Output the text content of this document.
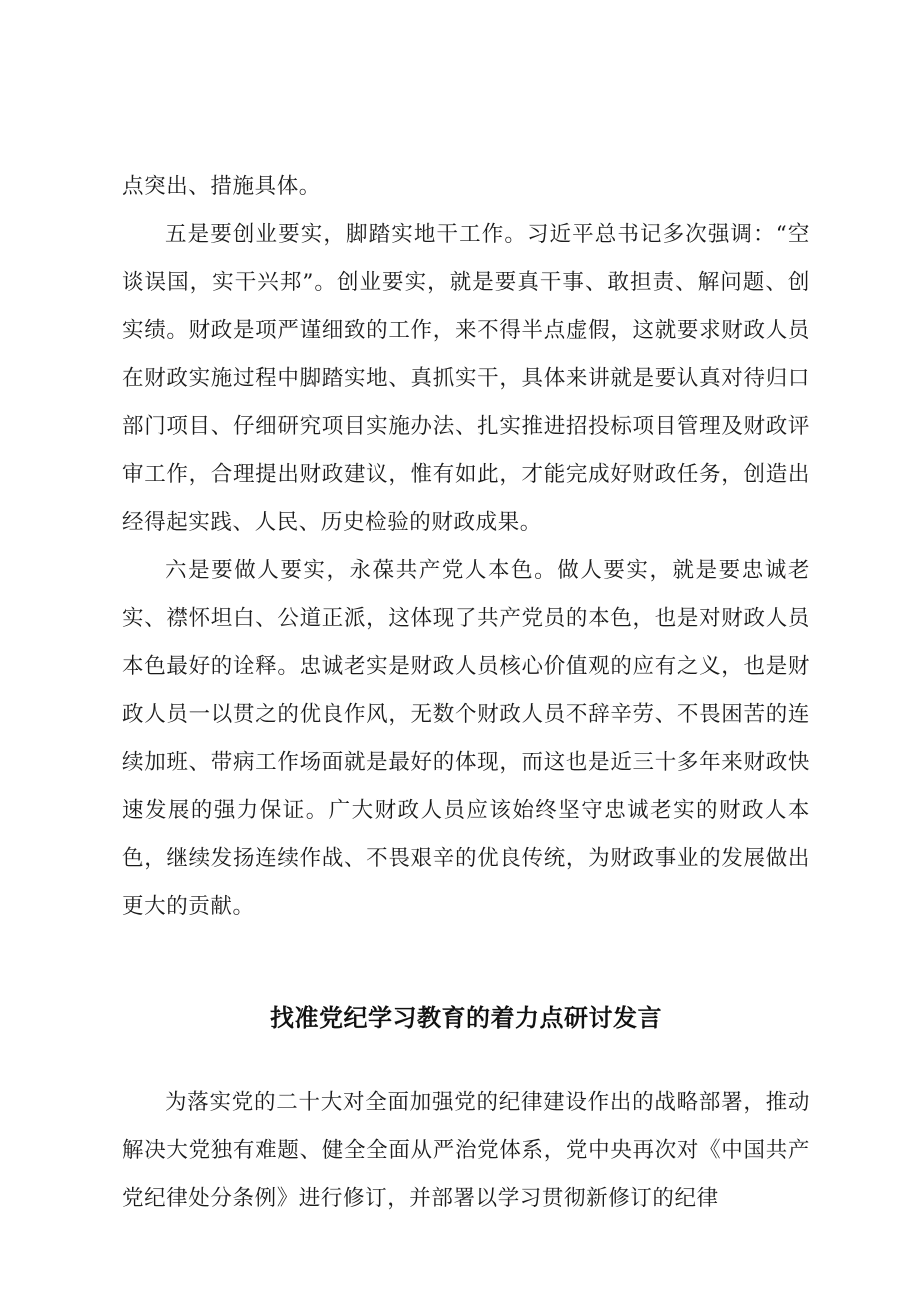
点突出、措施具体。

五是要创业要实，脚踏实地干工作。习近平总书记多次强调：“空谈误国，实干兴邦”。创业要实，就是要真干事、敢担责、解问题、创实绩。财政是项严谨细致的工作，来不得半点虚假，这就要求财政人员在财政实施过程中脚踏实地、真抓实干，具体来讲就是要认真对待归口部门项目、仔细研究项目实施办法、扎实推进招投标项目管理及财政评审工作，合理提出财政建议，惟有如此，才能完成好财政任务，创造出经得起实践、人民、历史检验的财政成果。

六是要做人要实，永葆共产党人本色。做人要实，就是要忠诚老实、襟怀坦白、公道正派，这体现了共产党员的本色，也是对财政人员本色最好的诠释。忠诚老实是财政人员核心价值观的应有之义，也是财政人员一以贯之的优良作风，无数个财政人员不辞辛劳、不畏困苦的连续加班、带病工作场面就是最好的体现，而这也是近三十多年来财政快速发展的强力保证。广大财政人员应该始终坚守忠诚老实的财政人本色，继续发扬连续作战、不畏艰辛的优良传统，为财政事业的发展做出更大的贡献。

找准党纪学习教育的着力点研讨发言

为落实党的二十大对全面加强党的纪律建设作出的战略部署，推动解决大党独有难题、健全全面从严治党体系，党中央再次对《中国共产党纪律处分条例》进行修订，并部署以学习贯彻新修订的纪律
